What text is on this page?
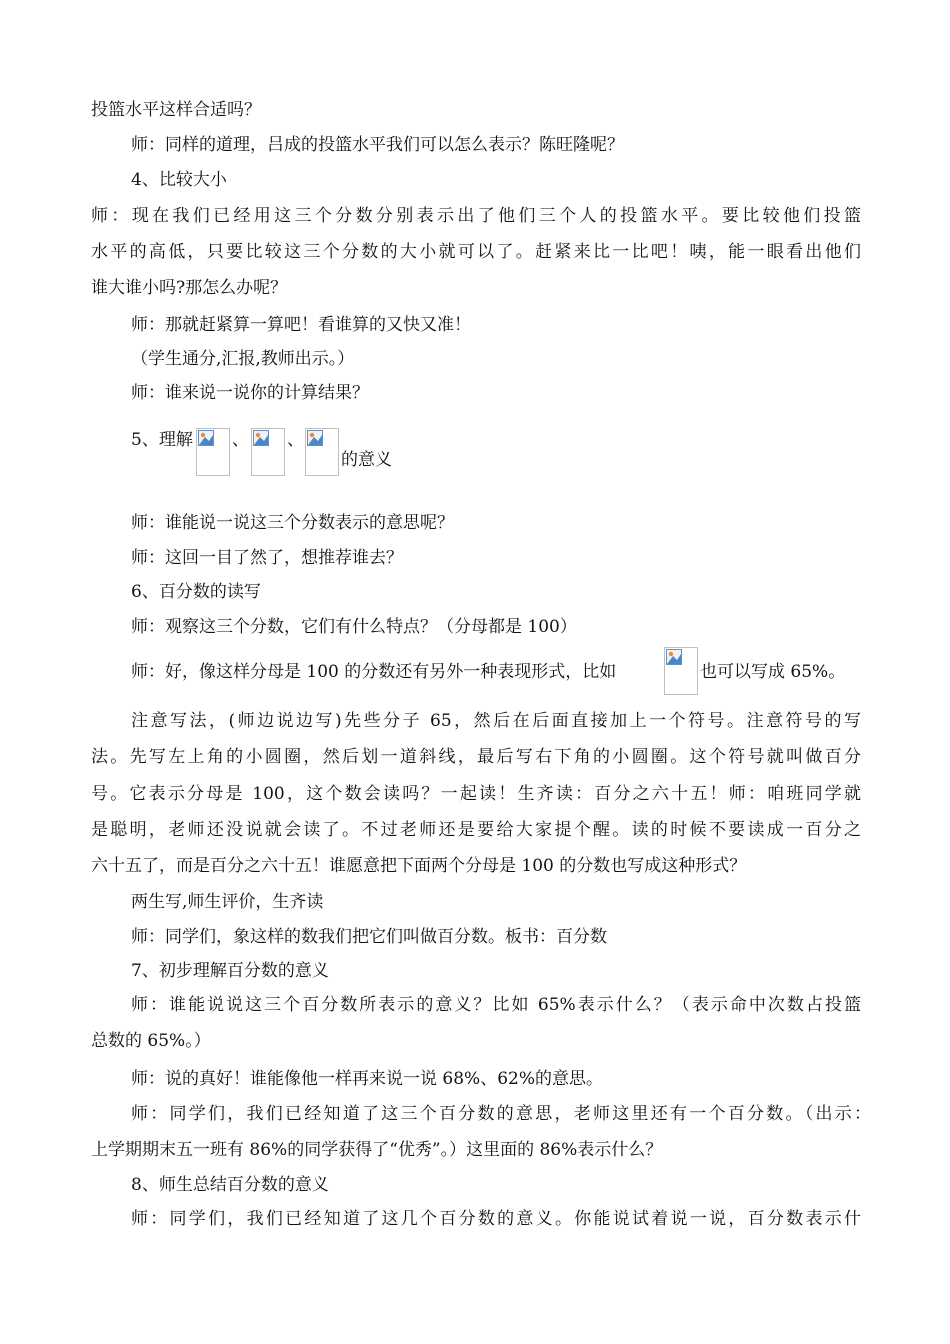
投篮水平这样合适吗？
师：同样的道理，吕成的投篮水平我们可以怎么表示？陈旺隆呢？
4、比较大小
师：现在我们已经用这三个分数分别表示出了他们三个人的投篮水平。要比较他们投篮
水平的高低，只要比较这三个分数的大小就可以了。赶紧来比一比吧！咦，能一眼看出他们
谁大谁小吗?那怎么办呢？
师：那就赶紧算一算吧！看谁算的又快又准！
（学生通分,汇报,教师出示。）
师：谁来说一说你的计算结果？
5、理解 、 、
的意义
师：谁能说一说这三个分数表示的意思呢？
师：这回一目了然了，想推荐谁去？
6、百分数的读写
师：观察这三个分数，它们有什么特点？（分母都是 100）
师：好，像这样分母是 100 的分数还有另外一种表现形式，比如	也可以写成 65%。
注意写法，(师边说边写)先些分子 65，然后在后面直接加上一个符号。注意符号的写
法。先写左上角的小圆圈，然后划一道斜线，最后写右下角的小圆圈。这个符号就叫做百分
号。它表示分母是 100，这个数会读吗？一起读！生齐读：百分之六十五！师：咱班同学就
是聪明，老师还没说就会读了。不过老师还是要给大家提个醒。读的时候不要读成一百分之
六十五了，而是百分之六十五！谁愿意把下面两个分母是 100 的分数也写成这种形式？
两生写,师生评价，生齐读
师：同学们，象这样的数我们把它们叫做百分数。板书：百分数
7、初步理解百分数的意义
师：谁能说说这三个百分数所表示的意义？比如 65%表示什么？（表示命中次数占投篮
总数的 65%。）
师：说的真好！谁能像他一样再来说一说 68%、62%的意思。
师：同学们，我们已经知道了这三个百分数的意思，老师这里还有一个百分数。（出示：
上学期期末五一班有 86%的同学获得了“优秀”。）这里面的 86%表示什么？
8、师生总结百分数的意义
师：同学们，我们已经知道了这几个百分数的意义。你能说试着说一说，百分数表示什
